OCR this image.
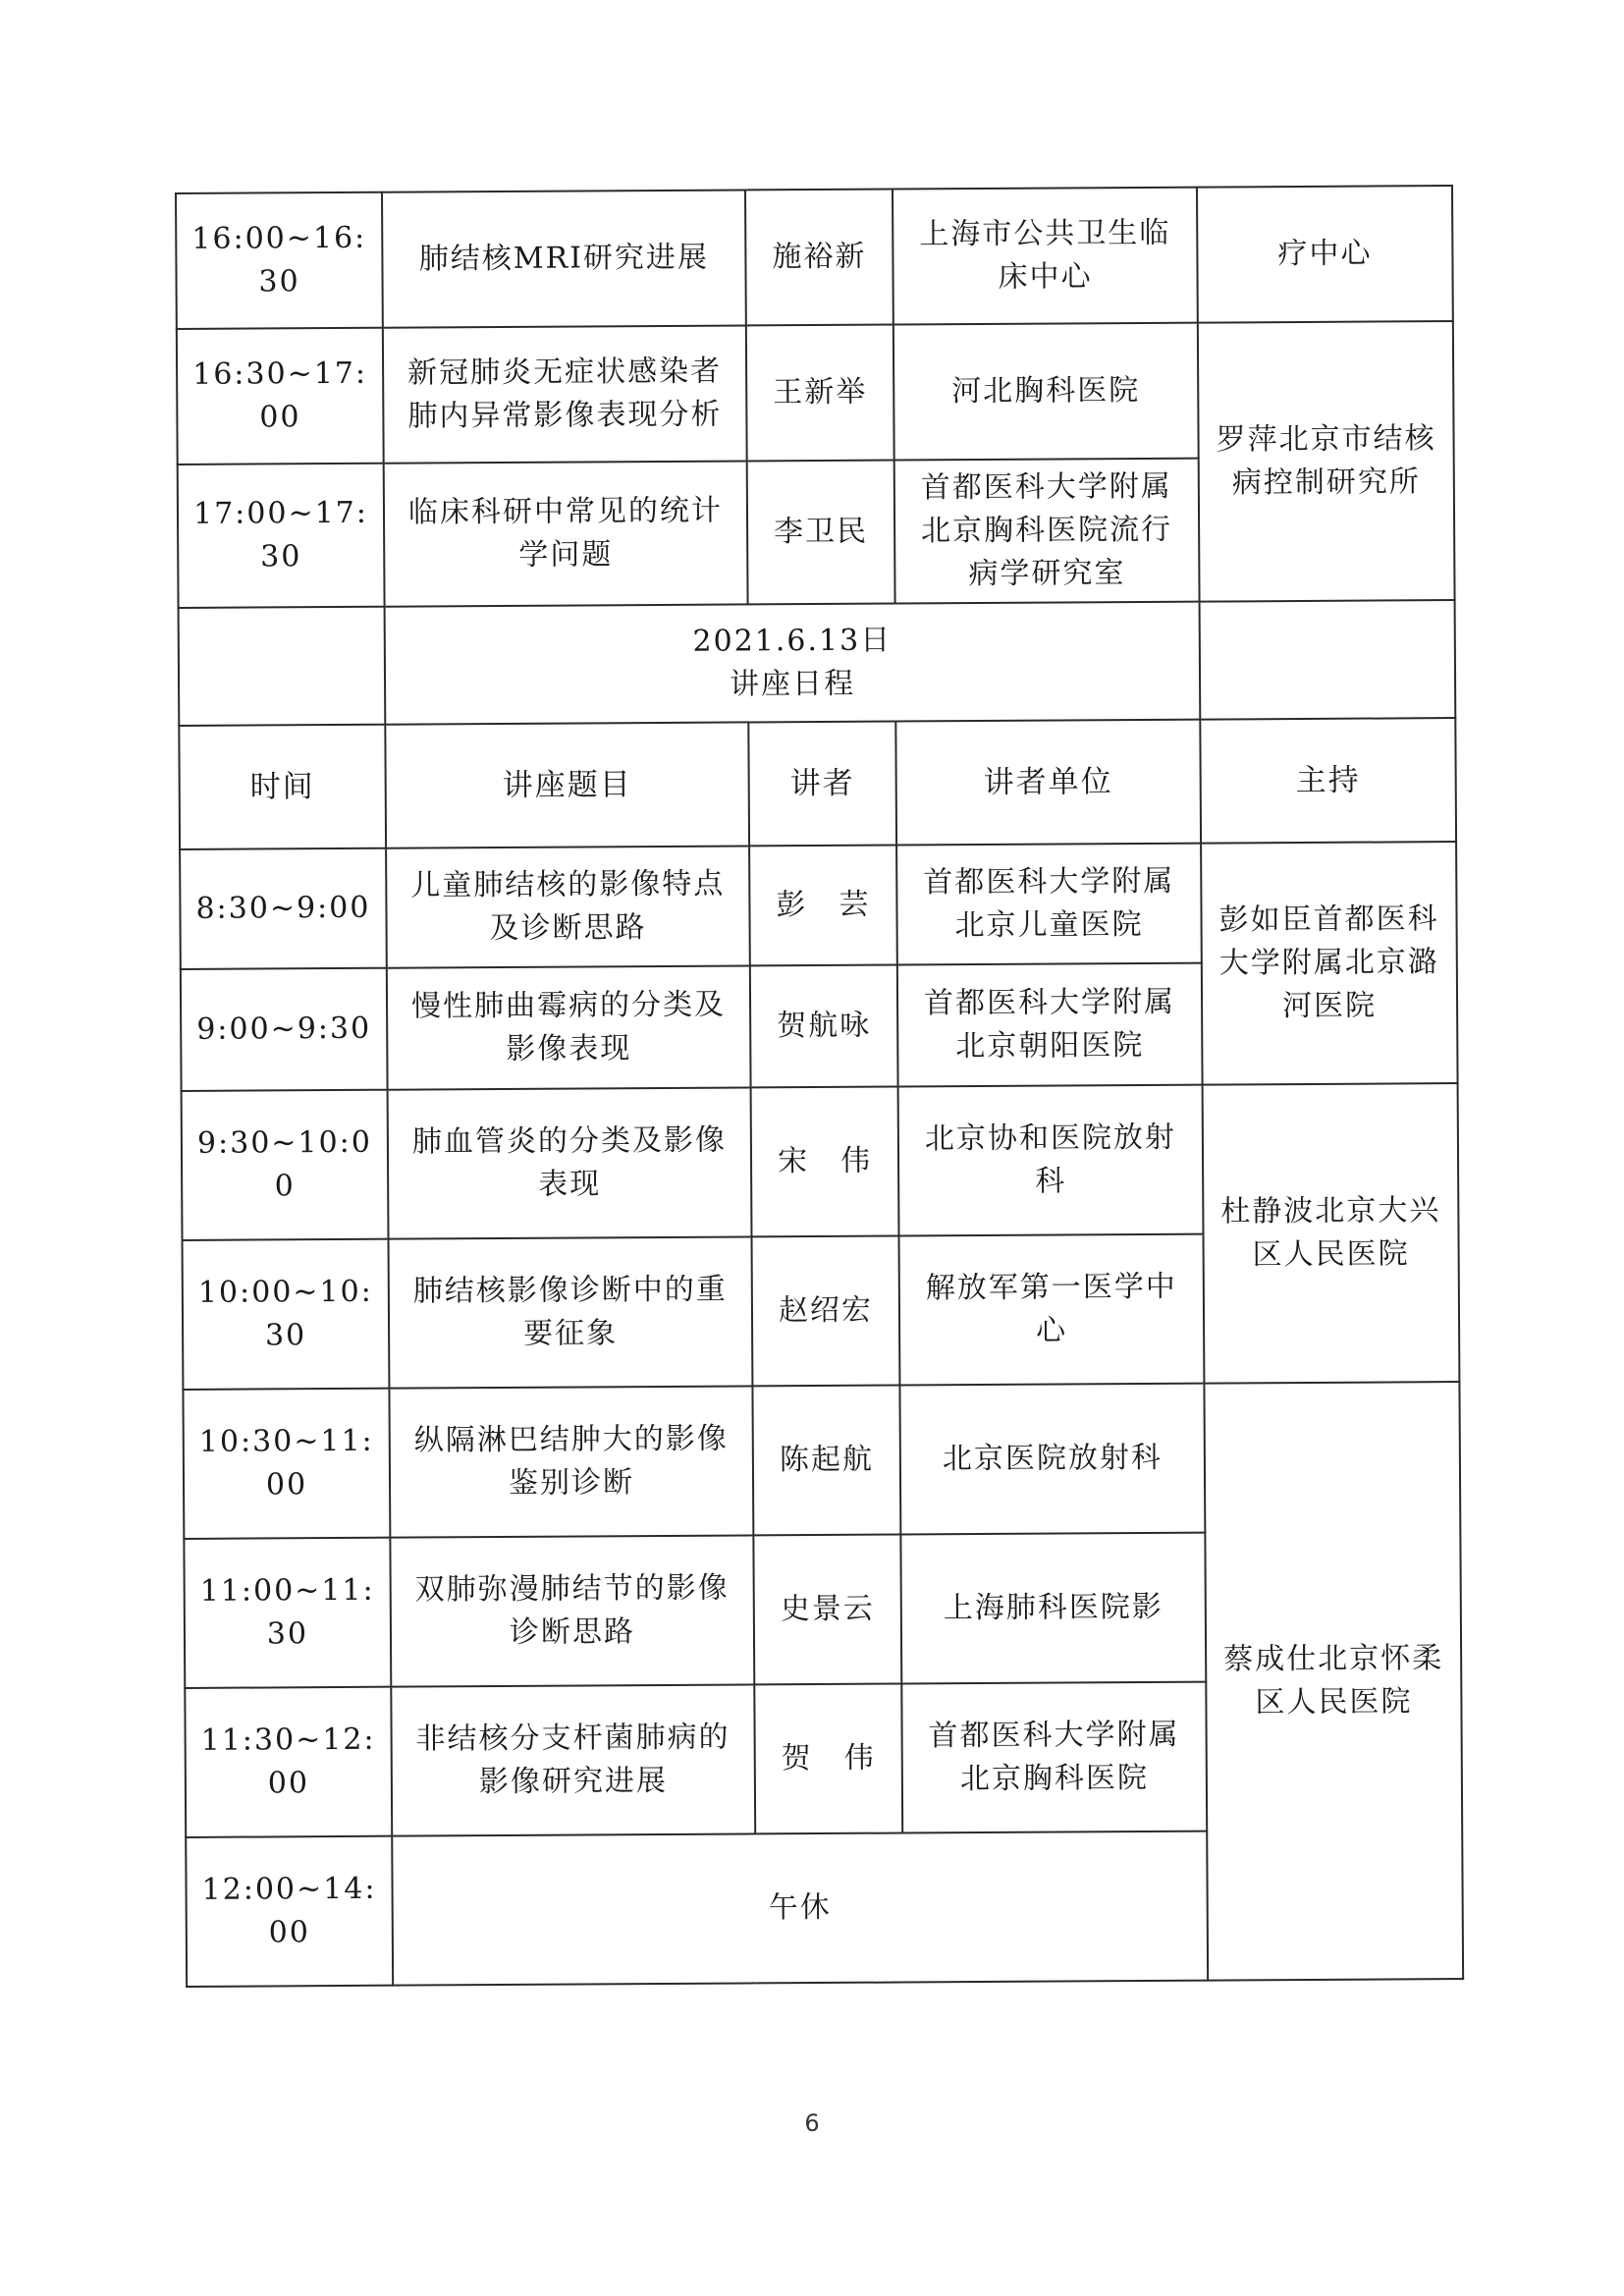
16:00~16:30	肺结核MRI研究进展	施裕新	上海市公共卫生临床中心	疗中心
16:30~17:00	新冠肺炎无症状感染者肺内异常影像表现分析	王新举	河北胸科医院	罗萍北京市结核病控制研究所
17:00~17:30	临床科研中常见的统计学问题	李卫民	首都医科大学附属北京胸科医院流行病学研究室	

	2021.6.13日
讲座日程			

时间	讲座题目	讲者	讲者单位	主持
8:30~9:00	儿童肺结核的影像特点及诊断思路	彭　芸	首都医科大学附属北京儿童医院	彭如臣首都医科大学附属北京潞河医院
9:00~9:30	慢性肺曲霉病的分类及影像表现	贺航咏	首都医科大学附属北京朝阳医院	
9:30~10:00	肺血管炎的分类及影像表现	宋　伟	北京协和医院放射科	杜静波北京大兴区人民医院
10:00~10:30	肺结核影像诊断中的重要征象	赵绍宏	解放军第一医学中心	
10:30~11:00	纵隔淋巴结肿大的影像鉴别诊断	陈起航	北京医院放射科	蔡成仕北京怀柔区人民医院
11:00~11:30	双肺弥漫肺结节的影像诊断思路	史景云	上海肺科医院影	
11:30~12:00	非结核分支杆菌肺病的影像研究进展	贺　伟	首都医科大学附属北京胸科医院	
12:00~14:00	午休			
6
